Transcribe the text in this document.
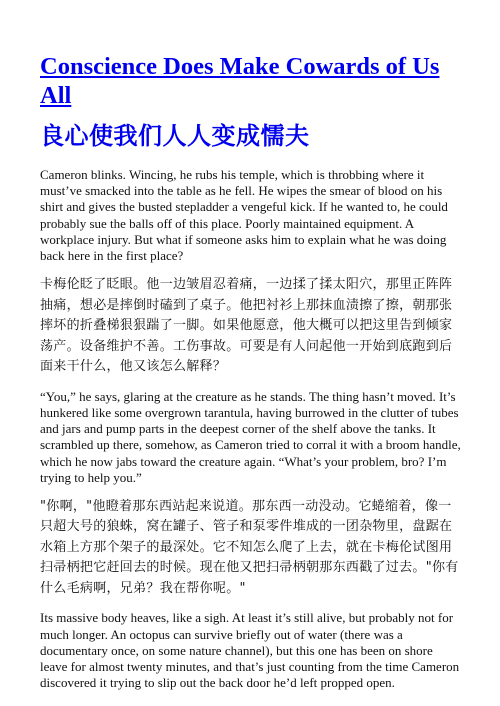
Conscience Does Make Cowards of Us All
良心使我们人人变成懦夫

Cameron blinks. Wincing, he rubs his temple, which is throbbing where it must’ve smacked into the table as he fell. He wipes the smear of blood on his shirt and gives the busted stepladder a vengeful kick. If he wanted to, he could probably sue the balls off of this place. Poorly maintained equipment. A workplace injury. But what if someone asks him to explain what he was doing back here in the first place?

卡梅伦眨了眨眼。他一边皱眉忍着痛，一边揉了揉太阳穴，那里正阵阵抽痛，想必是摔倒时磕到了桌子。他把衬衫上那抹血渍擦了擦，朝那张摔坏的折叠梯狠狠踹了一脚。如果他愿意，他大概可以把这里告到倾家荡产。设备维护不善。工伤事故。可要是有人问起他一开始到底跑到后面来干什么，他又该怎么解释？

“You,” he says, glaring at the creature as he stands. The thing hasn’t moved. It’s hunkered like some overgrown tarantula, having burrowed in the clutter of tubes and jars and pump parts in the deepest corner of the shelf above the tanks. It scrambled up there, somehow, as Cameron tried to corral it with a broom handle, which he now jabs toward the creature again. “What’s your problem, bro? I’m trying to help you.”

"你啊，"他瞪着那东西站起来说道。那东西一动没动。它蜷缩着，像一只超大号的狼蛛，窝在罐子、管子和泵零件堆成的一团杂物里，盘踞在水箱上方那个架子的最深处。它不知怎么爬了上去，就在卡梅伦试图用扫帚柄把它赶回去的时候。现在他又把扫帚柄朝那东西戳了过去。"你有什么毛病啊，兄弟？我在帮你呢。"

Its massive body heaves, like a sigh. At least it’s still alive, but probably not for much longer. An octopus can survive briefly out of water (there was a documentary once, on some nature channel), but this one has been on shore leave for almost twenty minutes, and that’s just counting from the time Cameron discovered it trying to slip out the back door he’d left propped open.
